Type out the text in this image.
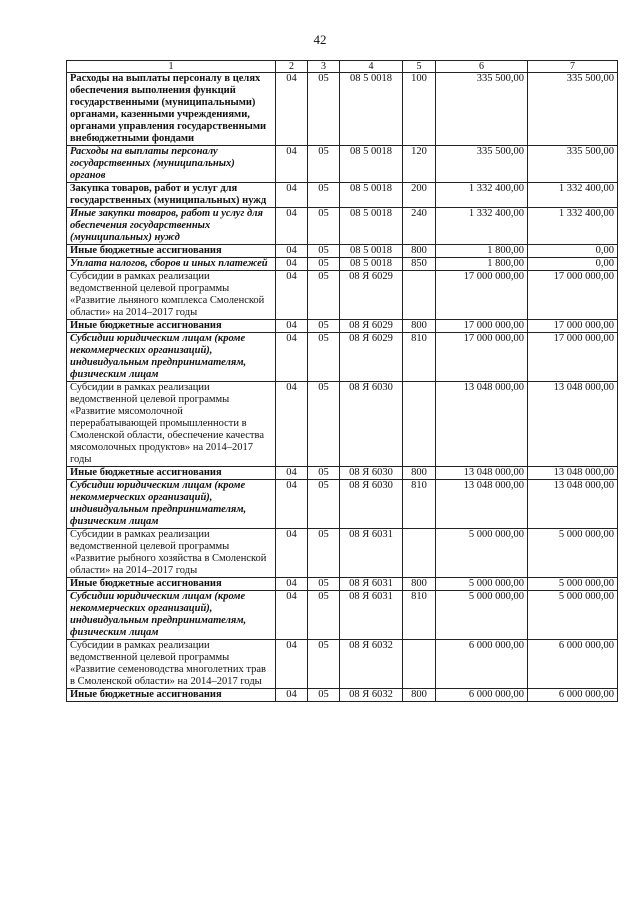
42
1	2	3	4	5	6	7
Расходы на выплаты персоналу в целях обеспечения выполнения функций государственными (муниципальными) органами, казенными учреждениями, органами управления государственными внебюджетными фондами	04	05	08 5 0018	100	335 500,00	335 500,00
Расходы на выплаты персоналу государственных (муниципальных) органов	04	05	08 5 0018	120	335 500,00	335 500,00
Закупка товаров, работ и услуг для государственных (муниципальных) нужд	04	05	08 5 0018	200	1 332 400,00	1 332 400,00
Иные закупки товаров, работ и услуг для обеспечения государственных (муниципальных) нужд	04	05	08 5 0018	240	1 332 400,00	1 332 400,00
Иные бюджетные ассигнования	04	05	08 5 0018	800	1 800,00	0,00
Уплата налогов, сборов и иных платежей	04	05	08 5 0018	850	1 800,00	0,00
Субсидии в рамках реализации ведомственной целевой программы «Развитие льняного комплекса Смоленской области» на 2014–2017 годы	04	05	08 Я 6029		17 000 000,00	17 000 000,00
Иные бюджетные ассигнования	04	05	08 Я 6029	800	17 000 000,00	17 000 000,00
Субсидии юридическим лицам (кроме некоммерческих организаций), индивидуальным предпринимателям, физическим лицам	04	05	08 Я 6029	810	17 000 000,00	17 000 000,00
Субсидии в рамках реализации ведомственной целевой программы «Развитие мясомолочной перерабатывающей промышленности в Смоленской области, обеспечение качества мясомолочных продуктов» на 2014–2017 годы	04	05	08 Я 6030		13 048 000,00	13 048 000,00
Иные бюджетные ассигнования	04	05	08 Я 6030	800	13 048 000,00	13 048 000,00
Субсидии юридическим лицам (кроме некоммерческих организаций), индивидуальным предпринимателям, физическим лицам	04	05	08 Я 6030	810	13 048 000,00	13 048 000,00
Субсидии в рамках реализации ведомственной целевой программы «Развитие рыбного хозяйства в Смоленской области» на 2014–2017 годы	04	05	08 Я 6031		5 000 000,00	5 000 000,00
Иные бюджетные ассигнования	04	05	08 Я 6031	800	5 000 000,00	5 000 000,00
Субсидии юридическим лицам (кроме некоммерческих организаций), индивидуальным предпринимателям, физическим лицам	04	05	08 Я 6031	810	5 000 000,00	5 000 000,00
Субсидии в рамках реализации ведомственной целевой программы «Развитие семеноводства многолетних трав в Смоленской области» на 2014–2017 годы	04	05	08 Я 6032		6 000 000,00	6 000 000,00
Иные бюджетные ассигнования	04	05	08 Я 6032	800	6 000 000,00	6 000 000,00
